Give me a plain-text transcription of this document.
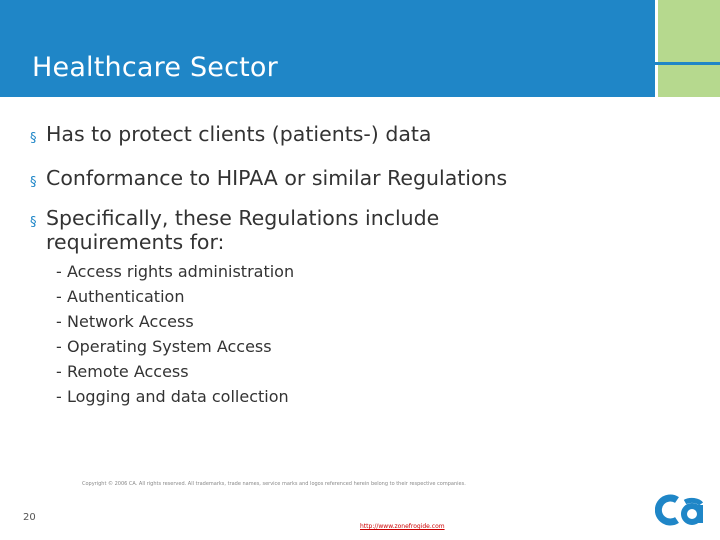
Healthcare Sector
§ Has to protect clients (patients-) data
§ Conformance to HIPAA or similar Regulations
§ Specifically, these Regulations include requirements for:
- Access rights administration
- Authentication
- Network Access
- Operating System Access
- Remote Access
- Logging and data collection
20
Copyright © 2006 CA. All rights reserved. All trademarks, trade names, service marks and logos referenced herein belong to their respective companies.
http://www.zonefrogide.com
